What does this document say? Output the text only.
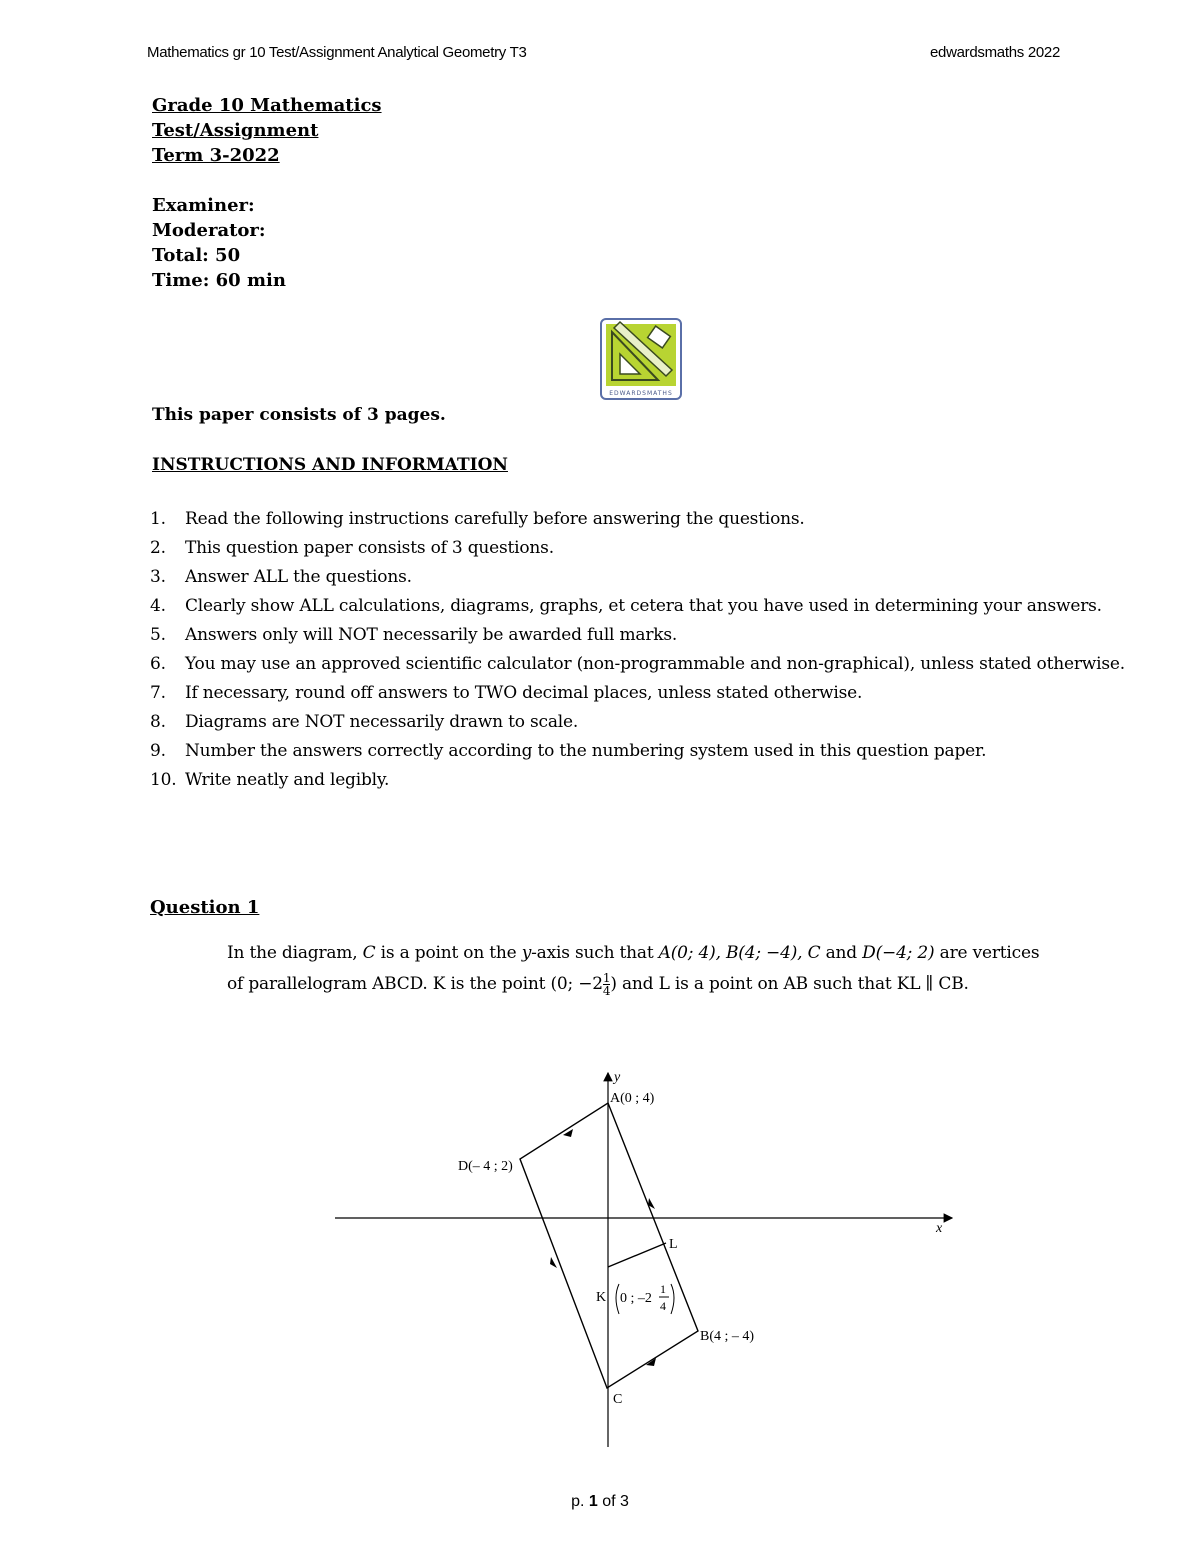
Mathematics gr 10 Test/Assignment Analytical Geometry T3	edwardsmaths 2022
Grade 10 Mathematics
Test/Assignment
Term 3-2022
Examiner:
Moderator:
Total: 50
Time: 60 min
EDWARDSMATHS
This paper consists of 3 pages.
INSTRUCTIONS AND INFORMATION
1.	Read the following instructions carefully before answering the questions.
2.	This question paper consists of 3 questions.
3.	Answer ALL the questions.
4.	Clearly show ALL calculations, diagrams, graphs, et cetera that you have used in determining your answers.
5.	Answers only will NOT necessarily be awarded full marks.
6.	You may use an approved scientific calculator (non-programmable and non-graphical), unless stated otherwise.
7.	If necessary, round off answers to TWO decimal places, unless stated otherwise.
8.	Diagrams are NOT necessarily drawn to scale.
9.	Number the answers correctly according to the numbering system used in this question paper.
10. Write neatly and legibly.
Question 1
In the diagram, C is a point on the y-axis such that A(0; 4), B(4; −4), C and D(−4; 2) are vertices of parallelogram ABCD. K is the point (0; $-2 \frac{1}{4}$ ) and L is a point on AB such that KL ∥ CB.
y
x
A(0 ; 4)
D(– 4 ; 2)
L
K 0 ; –2
1
4
B(4 ; – 4)
C
p. 1 of 3
